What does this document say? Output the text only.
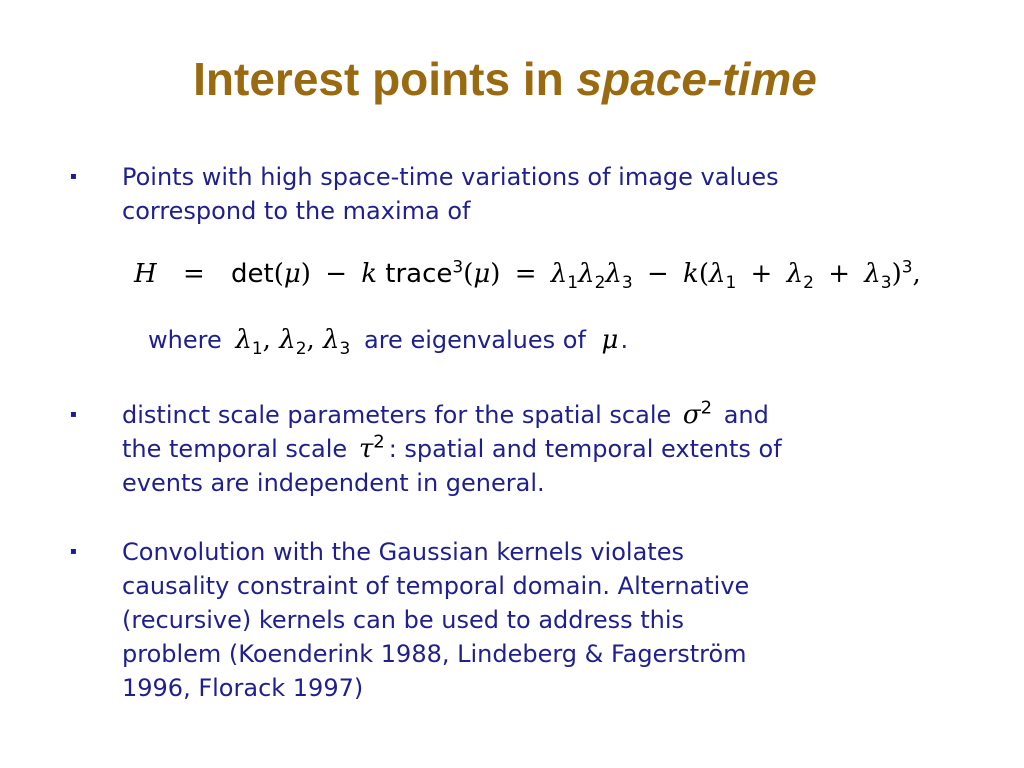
Interest points in space-time
▪ Points with high space-time variations of image values
correspond to the maxima of
H = det(μ) − k trace$^3$(μ) = $\lambda_1\lambda_2\lambda_3 - k(\lambda_1 + \lambda_2 + \lambda_3)^3$,
where $\lambda_1$, $\lambda_2$, $\lambda_3$ are eigenvalues of μ.
▪ distinct scale parameters for the spatial scale $\sigma^2$ and
the temporal scale $\tau^2$ : spatial and temporal extents of
events are independent in general.
▪ Convolution with the Gaussian kernels violates
causality constraint of temporal domain. Alternative
(recursive) kernels can be used to address this
problem (Koenderink 1988, Lindeberg & Fagerström
1996, Florack 1997)
